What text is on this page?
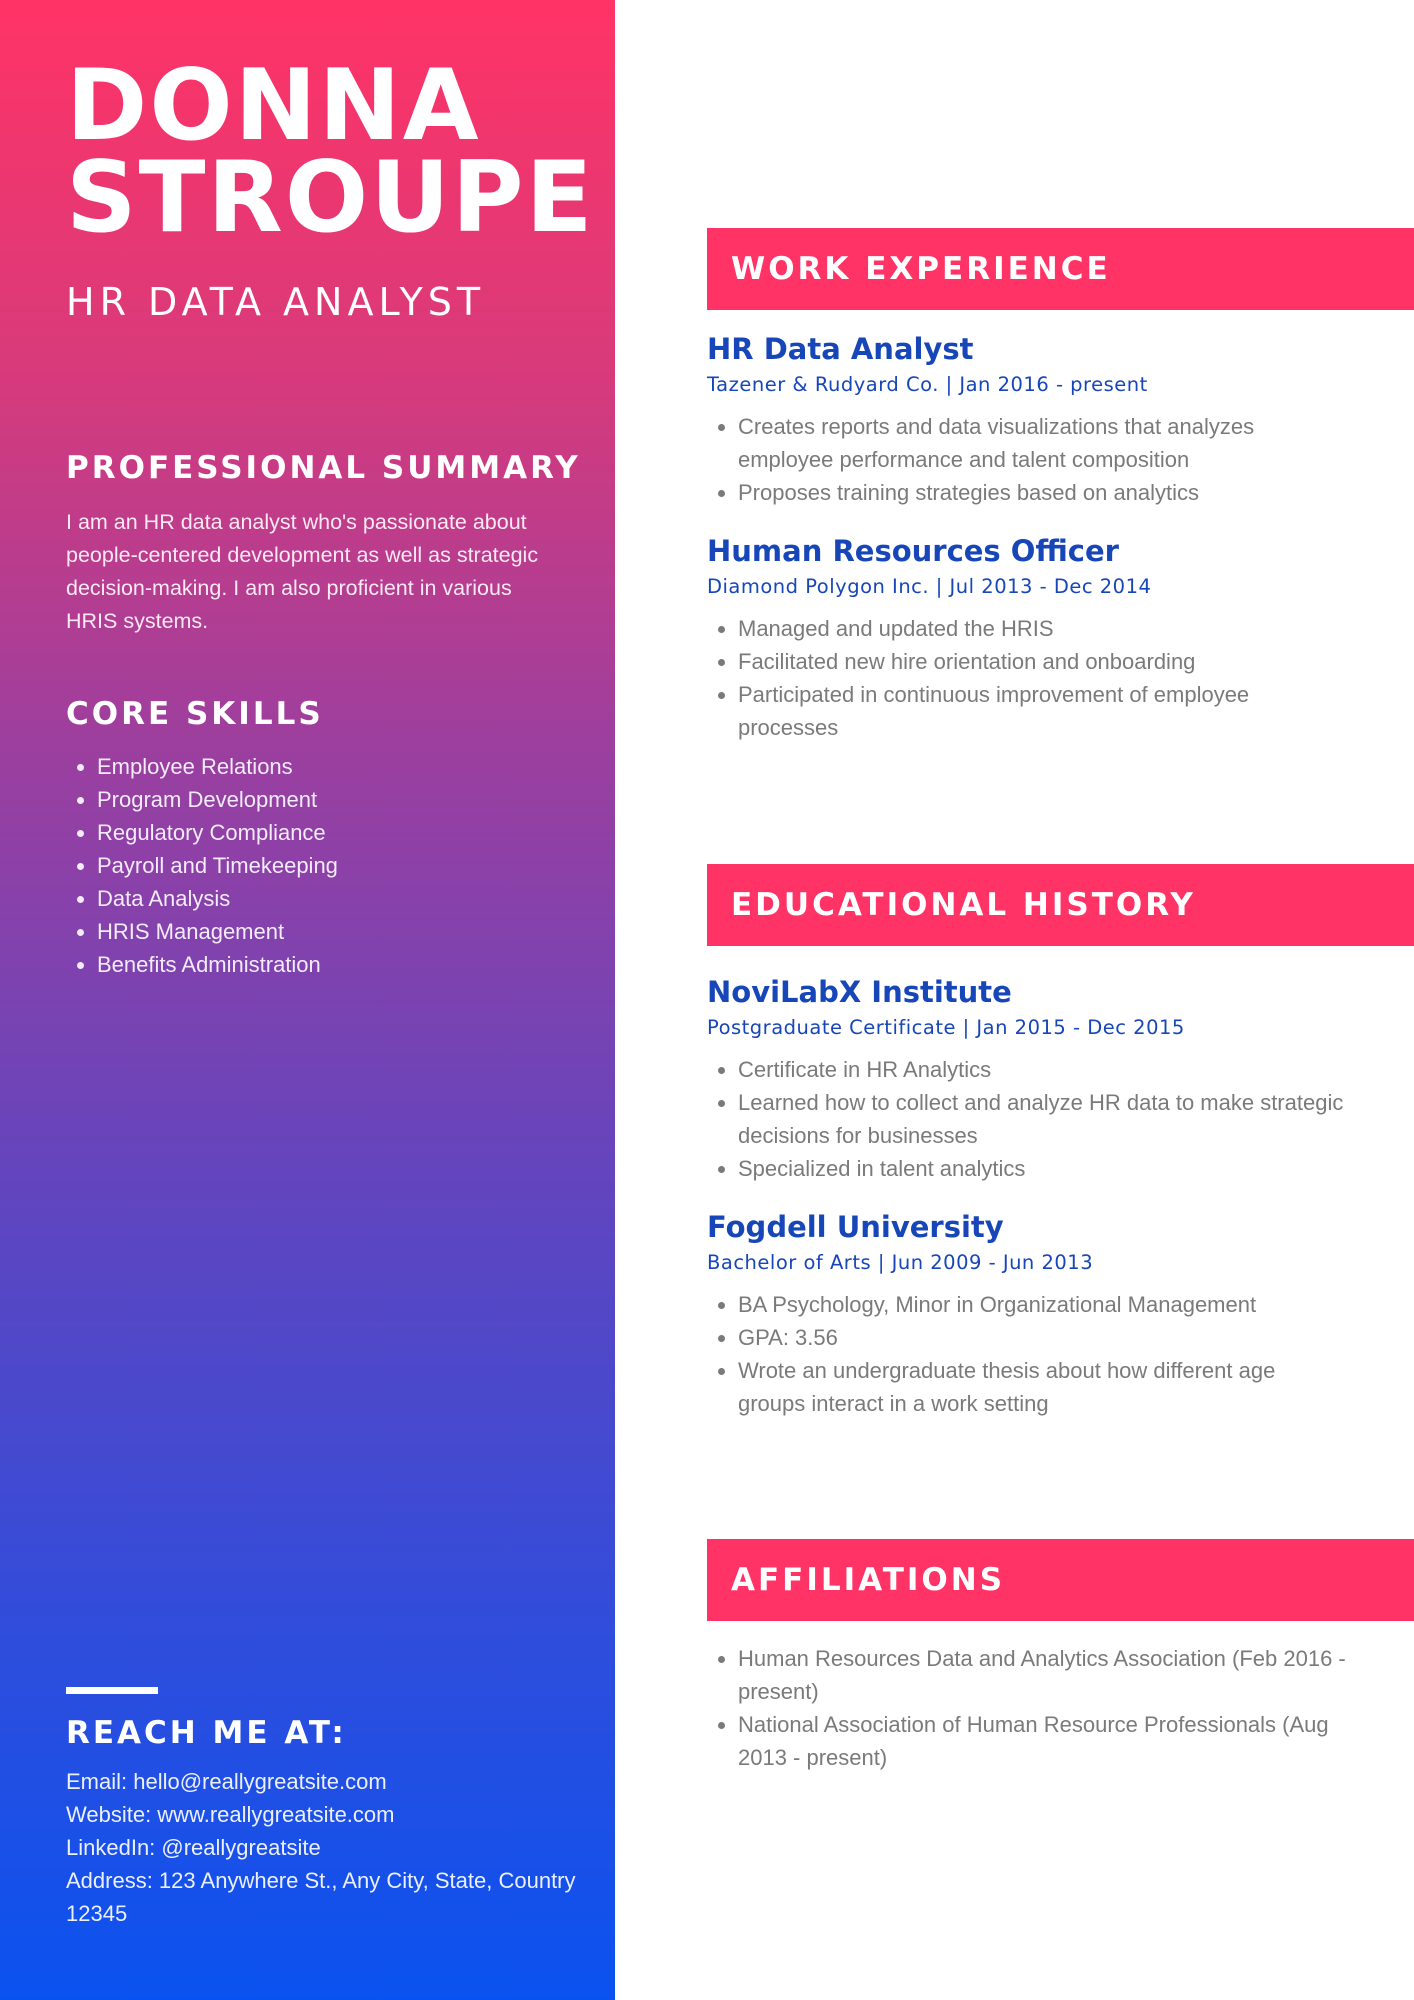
DONNA
STROUPE
HR DATA ANALYST
PROFESSIONAL SUMMARY

I am an HR data analyst who's passionate about people-centered development as well as strategic decision-making. I am also proficient in various HRIS systems.

CORE SKILLS
• Employee Relations
• Program Development
• Regulatory Compliance
• Payroll and Timekeeping
• Data Analysis
• HRIS Management
• Benefits Administration
REACH ME AT:
Email: hello@reallygreatsite.com
Website: www.reallygreatsite.com
LinkedIn: @reallygreatsite
Address: 123 Anywhere St., Any City, State, Country 12345
WORK EXPERIENCE
HR Data Analyst

Tazener & Rudyard Co. | Jan 2016 - present

• Creates reports and data visualizations that analyzes employee performance and talent composition
• Proposes training strategies based on analytics
Human Resources Officer

Diamond Polygon Inc. | Jul 2013 - Dec 2014

• Managed and updated the HRIS
• Facilitated new hire orientation and onboarding
• Participated in continuous improvement of employee processes
EDUCATIONAL HISTORY
NoviLabX Institute

Postgraduate Certificate | Jan 2015 - Dec 2015

• Certificate in HR Analytics
• Learned how to collect and analyze HR data to make strategic decisions for businesses
• Specialized in talent analytics
Fogdell University

Bachelor of Arts | Jun 2009 - Jun 2013

• BA Psychology, Minor in Organizational Management
• GPA: 3.56
• Wrote an undergraduate thesis about how different age groups interact in a work setting
AFFILIATIONS
• Human Resources Data and Analytics Association (Feb 2016 - present)
• National Association of Human Resource Professionals (Aug 2013 - present)
